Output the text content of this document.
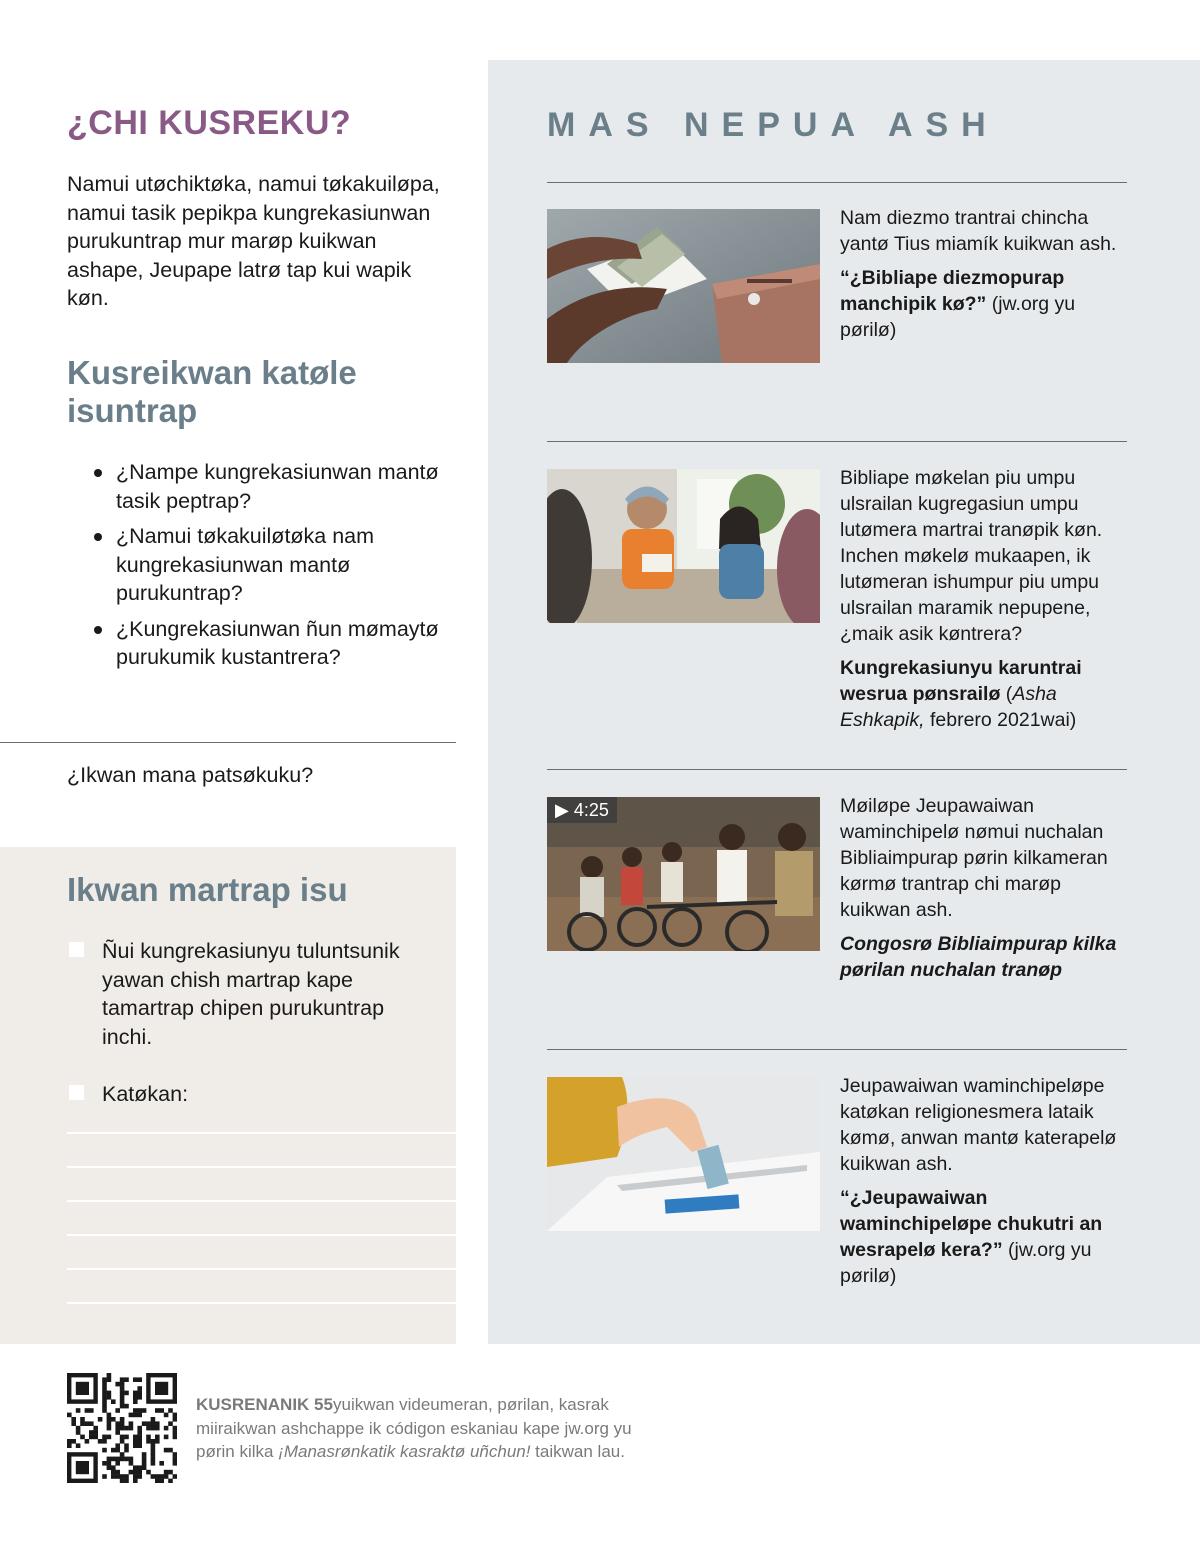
¿CHI KUSREKU?
Namui utøchiktøka, namui tøkakuiløpa, namui tasik pepikpa kungrekasiunwan purukuntrap mur marøp kuikwan ashape, Jeupape latrø tap kui wapik køn.
Kusreikwan katøle isuntrap
¿Nampe kungrekasiunwan mantø tasik peptrap?
¿Namui tøkakuiløtøka nam kungrekasiunwan mantø purukuntrap?
¿Kungrekasiunwan ñun mømaytø purukumik kustantrera?
¿Ikwan mana patsøkuku?
Ikwan martrap isu
Ñui kungrekasiunyu tuluntsunik yawan chish martrap kape tamartrap chipen purukuntrap inchi.
Katøkan:
MAS NEPUA ASH

Nam diezmo trantrai chincha yantø Tius miamík kuikwan ash.

“¿Bibliape diezmopurap manchipik kø?” (jw.org yu pørilø)

Bibliape møkelan piu umpu ulsrailan kugregasiun umpu lutømera martrai tranøpik køn. Inchen møkelø mukaapen, ik lutømeran ishumpur piu umpu ulsrailan maramik nepupene, ¿maik asik køntrera?

Kungrekasiunyu karuntrai wesrua pønsrailø (Asha Eshkapik, febrero 2021wai)

▶ 4:25	Møiløpe Jeupawaiwan waminchipelø nømui nuchalan Bibliaimpurap pørin kilkameran kørmø trantrap chi marøp kuikwan ash.

Congosrø Bibliaimpurap kilka pørilan nuchalan tranøp

Jeupawaiwan waminchipeløpe katøkan religionesmera lataik kømø, anwan mantø katerapelø kuikwan ash.

“¿Jeupawaiwan waminchipeløpe chukutri an wesrapelø kera?” (jw.org yu pørilø)

KUSRENANIK 55yuikwan videumeran, pørilan, kasrak miiraikwan ashchappe ik códigon eskaniau kape jw.org yu pørin kilka ¡Manasrønkatik kasraktø uñchun! taikwan lau.
